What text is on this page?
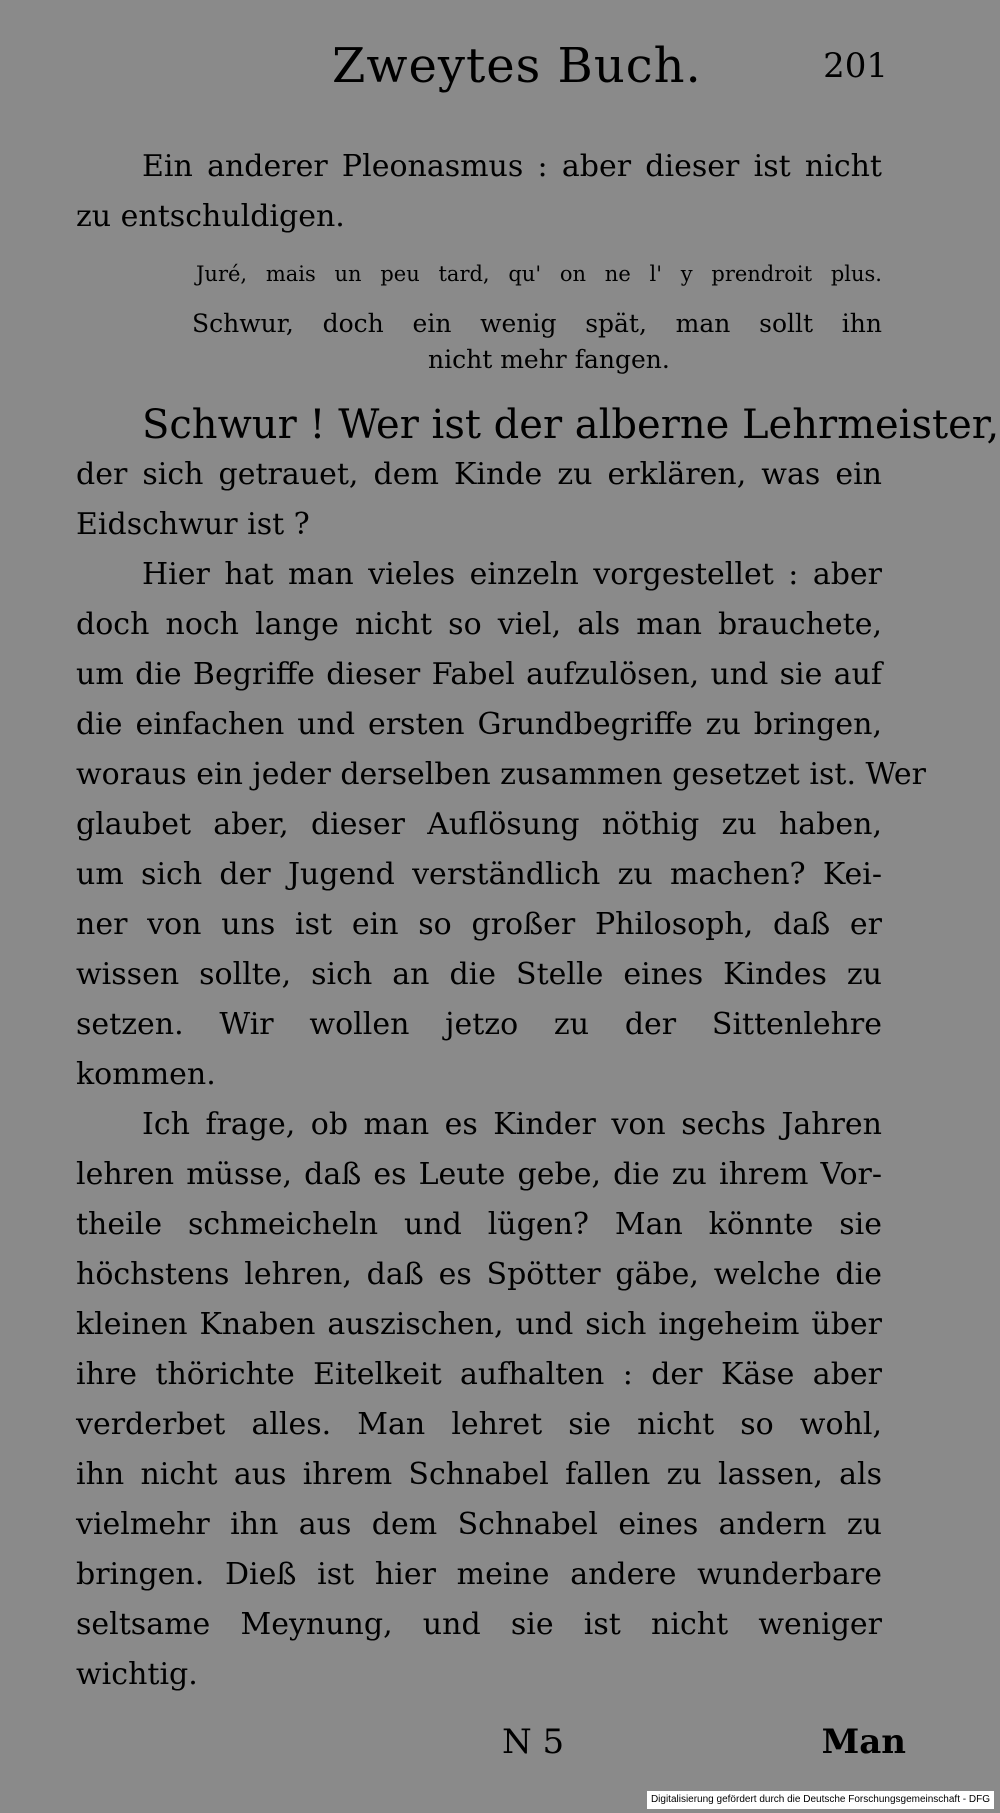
Zweytes Buch.	201
Ein anderer Pleonasmus : aber dieser ist nicht
zu entschuldigen.
Juré, mais un peu tard, qu' on ne l' y prendroit plus.
Schwur, doch ein wenig spät, man sollt ihn
nicht mehr fangen.
Schwur ! Wer ist der alberne Lehrmeister,
der sich getrauet, dem Kinde zu erklären, was ein
Eidschwur ist ?
Hier hat man vieles einzeln vorgestellet : aber
doch noch lange nicht so viel, als man brauchete,
um die Begriffe dieser Fabel aufzulösen, und sie auf
die einfachen und ersten Grundbegriffe zu bringen,
woraus ein jeder derselben zusammen gesetzet ist. Wer
glaubet aber, dieser Auflösung nöthig zu haben,
um sich der Jugend verständlich zu machen? Kei-
ner von uns ist ein so großer Philosoph, daß er
wissen sollte, sich an die Stelle eines Kindes zu
setzen. Wir wollen jetzo zu der Sittenlehre
kommen.
Ich frage, ob man es Kinder von sechs Jahren
lehren müsse, daß es Leute gebe, die zu ihrem Vor-
theile schmeicheln und lügen? Man könnte sie
höchstens lehren, daß es Spötter gäbe, welche die
kleinen Knaben auszischen, und sich ingeheim über
ihre thörichte Eitelkeit aufhalten : der Käse aber
verderbet alles. Man lehret sie nicht so wohl,
ihn nicht aus ihrem Schnabel fallen zu lassen, als
vielmehr ihn aus dem Schnabel eines andern zu
bringen. Dieß ist hier meine andere wunderbare
seltsame Meynung, und sie ist nicht weniger
wichtig.
N 5	Man
Digitalisierung gefördert durch die Deutsche Forschungsgemeinschaft - DFG
